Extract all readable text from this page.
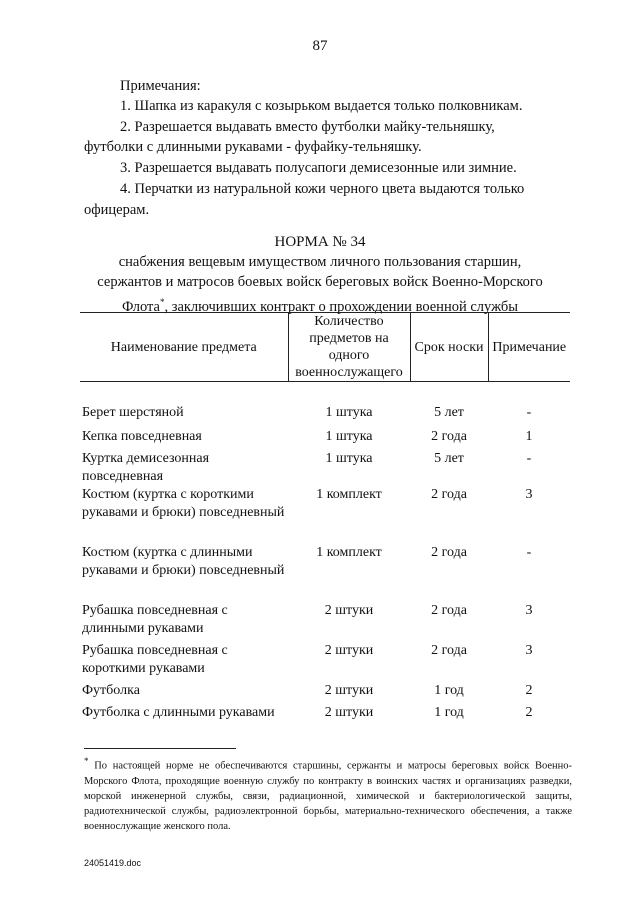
87
Примечания:
1. Шапка из каракуля с козырьком выдается только полковникам.
2. Разрешается выдавать вместо футболки майку-тельняшку,
футболки с длинными рукавами - фуфайку-тельняшку.
3. Разрешается выдавать полусапоги демисезонные или зимние.
4. Перчатки из натуральной кожи черного цвета выдаются только
офицерам.
НОРМА № 34
снабжения вещевым имуществом личного пользования старшин,
сержантов и матросов боевых войск береговых войск Военно-Морского
Флота*, заключивших контракт о прохождении военной службы
Наименование предмета	Количество предметов на одного военнослужащего	Срок носки	Примечание

Берет шерстяной	1 штука	5 лет	-
Кепка повседневная	1 штука	2 года	1
Куртка демисезонная повседневная	1 штука	5 лет	-
Костюм (куртка с короткими рукавами и брюки) повседневный	1 комплект	2 года	3
Костюм (куртка с длинными рукавами и брюки) повседневный	1 комплект	2 года	-
Рубашка повседневная с длинными рукавами	2 штуки	2 года	3
Рубашка повседневная с короткими рукавами	2 штуки	2 года	3
Футболка	2 штуки	1 год	2
Футболка с длинными рукавами	2 штуки	1 год	2
* По настоящей норме не обеспечиваются старшины, сержанты и матросы береговых войск Военно-Морского Флота, проходящие военную службу по контракту в воинских частях и организациях разведки, морской инженерной службы, связи, радиационной, химической и бактериологической защиты, радиотехнической службы, радиоэлектронной борьбы, материально-технического обеспечения, а также военнослужащие женского пола.
24051419.doc
